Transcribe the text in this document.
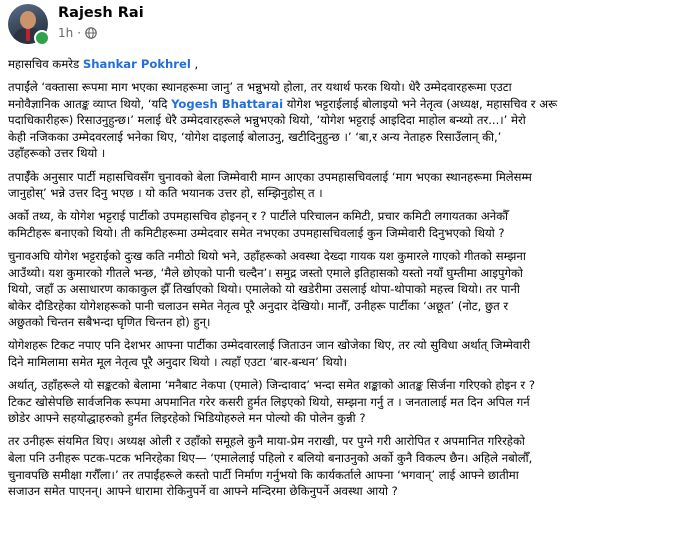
Rajesh Rai
1h ·

महासचिव कमरेड Shankar Pokhrel ,

तपाईंले ‘वक्तासा रूपमा माग भएका स्थानहरूमा जानु’ त भन्नुभयो होला, तर यथार्थ फरक थियो। धेरै उम्मेदवारहरूमा एउटा
मनोवैज्ञानिक आतङ्क व्याप्त थियो, ‘यदि Yogesh Bhattarai योगेश भट्टराईलाई बोलाइयो भने नेतृत्व (अध्यक्ष, महासचिव र अरू
पदाधिकारीहरू) रिसाउनुहुन्छ।’ मलाई धेरै उम्मेदवारहरूले भन्नुभएको थियो, ‘योगेश भट्टराई आइदिदा माहोल बन्थ्यो तर...।’ मेरो
केही नजिकका उम्मेदवरलाई भनेका थिए, ‘योगेश दाइलाई बोलाउनु, खटीदिनुहुन्छ ।’ ‘बा,र अन्य नेताहरु रिसाउँलान् की,’
उहाँहरूको उत्तर थियो ।

तपाईँके अनुसार पार्टी महासचिवसँग चुनावको बेला जिम्मेवारी माग्न आएका उपमहासचिवलाई ‘माग भएका स्थानहरूमा मिलेसम्म
जानुहोस्’ भन्ने उत्तर दिनु भएछ । यो कति भयानक उत्तर हो, सम्झिनुहोस् त ।

अर्को तथ्य, के योगेश भट्टराई पार्टीको उपमहासचिव होइनन् र ? पार्टीले परिचालन कमिटी, प्रचार कमिटी लगायतका अनेकौँ
कमिटीहरू बनाएको थियो। ती कमिटीहरूमा उम्मेदवार समेत नभएका उपमहासचिवलाई कुन जिम्मेवारी दिनुभएको थियो ?

चुनावअघि योगेश भट्टराईको दुःख कति नमीठो थियो भने, उहाँहरूको अवस्था देख्दा गायक यश कुमारले गाएको गीतको सम्झना
आउँथ्यो। यश कुमारको गीतले भन्छ, ‘मैले छोएको पानी चल्दैन’। समुद्र जस्तो एमाले इतिहासको यस्तो नयाँ घुम्तीमा आइपुगेको
थियो, जहाँ ऊ असाधारण काकाकुल झैँ तिर्खाएको थियो। एमालेको यो खडेरीमा उसलाई थोपा-थोपाको महत्त्व थियो। तर पानी
बोकेर दौडिरहेका योगेशहरूको पानी चलाउन समेत नेतृत्व पूरै अनुदार देखियो। मानौँ, उनीहरू पार्टीका ‘अछूत’ (नोट, छुत र
अछुतको चिन्तन सबैभन्दा घृणित चिन्तन हो) हुन्।

योगेशहरू टिकट नपाए पनि देशभर आफ्ना पार्टीका उम्मेदवारलाई जिताउन जान खोजेका थिए, तर त्यो सुविधा अर्थात् जिम्मेवारी
दिने मामिलामा समेत मूल नेतृत्व पूरै अनुदार थियो । त्यहाँ एउटा ‘बार-बन्धन’ थियो।

अर्थात्, उहाँहरूले यो सङ्कटको बेलामा ‘मनैबाट नेकपा (एमाले) जिन्दावाद’ भन्दा समेत शङ्काको आतङ्क सिर्जना गरिएको होइन र ?
टिकट खोसेपछि सार्वजनिक रूपमा अपमानित गरेर कसरी हुर्मत लिइएको थियो, सम्झना गर्नु त । जनतालाई मत दिन अपिल गर्न
छोडेर आफ्ने सहयोद्धाहरुको हुर्मत लिइरहेको भिडियोहरुले मन पोल्यो की पोलेन कुन्नी ?

तर उनीहरू संयमित थिए। अध्यक्ष ओली र उहाँको समूहले कुनै माया-प्रेम नराखी, पर पुग्ने गरी आरोपित र अपमानित गरिरहेको
बेला पनि उनीहरू पटक-पटक भनिरहेका थिए— ‘एमालेलाई पहिलो र बलियो बनाउनुको अर्को कुनै विकल्प छैन। अहिले नबोलौँ,
चुनावपछि समीक्षा गरौँला।’ तर तपाईंहरूले कस्तो पार्टी निर्माण गर्नुभयो कि कार्यकर्ताले आफ्ना ‘भगवान्’ लाई आफ्ने छातीमा
सजाउन समेत पाएनन्। आफ्ने धारामा रोकिनुपर्ने वा आफ्ने मन्दिरमा छेकिनुपर्ने अवस्था आयो ?
